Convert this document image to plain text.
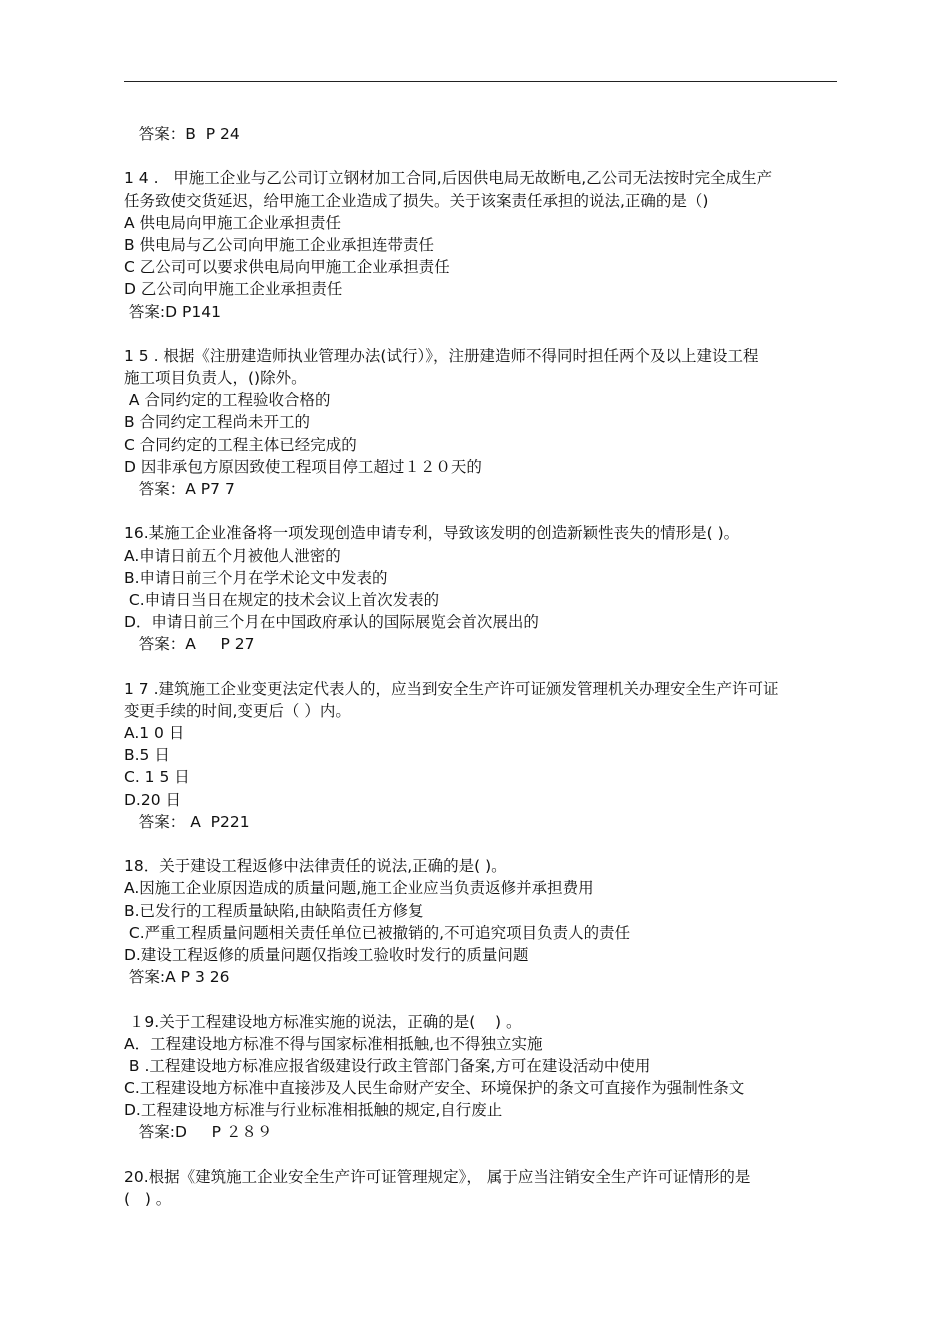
答案：B  P 24
1 4 .   甲施工企业与乙公司订立钢材加工合同,后因供电局无故断电,乙公司无法按时完全成生产
任务致使交货延迟，给甲施工企业造成了损失。关于该案责任承担的说法,正确的是（)
A 供电局向甲施工企业承担责任
B 供电局与乙公司向甲施工企业承担连带责任
C 乙公司可以要求供电局向甲施工企业承担责任
D 乙公司向甲施工企业承担责任
答案:D P141
1 5 . 根据《注册建造师执业管理办法(试行）》，注册建造师不得同时担任两个及以上建设工程
施工项目负责人，()除外。
A 合同约定的工程验收合格的
B 合同约定工程尚未开工的
C 合同约定的工程主体已经完成的
D 因非承包方原因致使工程项目停工超过１２０天的
答案：A P7 7
16.某施工企业准备将一项发现创造申请专利，导致该发明的创造新颖性丧失的情形是( )。
A.申请日前五个月被他人泄密的
B.申请日前三个月在学术论文中发表的
C.申请日当日在规定的技术会议上首次发表的
D．申请日前三个月在中国政府承认的国际展览会首次展出的
答案：A     P 27
1 7 .建筑施工企业变更法定代表人的，应当到安全生产许可证颁发管理机关办理安全生产许可证
变更手续的时间,变更后（ ）内。
A.1 0 日
B.5 日
C. 1 5 日
D.20 日
答案： A  P221
18．关于建设工程返修中法律责任的说法,正确的是( )。
A.因施工企业原因造成的质量问题,施工企业应当负责返修并承担费用
B.已发行的工程质量缺陷,由缺陷责任方修复
C.严重工程质量问题相关责任单位已被撤销的,不可追究项目负责人的责任
D.建设工程返修的质量问题仅指竣工验收时发行的质量问题
答案:A P 3 26
１9.关于工程建设地方标准实施的说法，正确的是(    ) 。
A．工程建设地方标准不得与国家标准相抵触,也不得独立实施
B .工程建设地方标准应报省级建设行政主管部门备案,方可在建设活动中使用
C.工程建设地方标准中直接涉及人民生命财产安全、环境保护的条文可直接作为强制性条文
D.工程建设地方标准与行业标准相抵触的规定,自行废止
答案:D     P ２８９
20.根据《建筑施工企业安全生产许可证管理规定》， 属于应当注销安全生产许可证情形的是
(   ) 。
